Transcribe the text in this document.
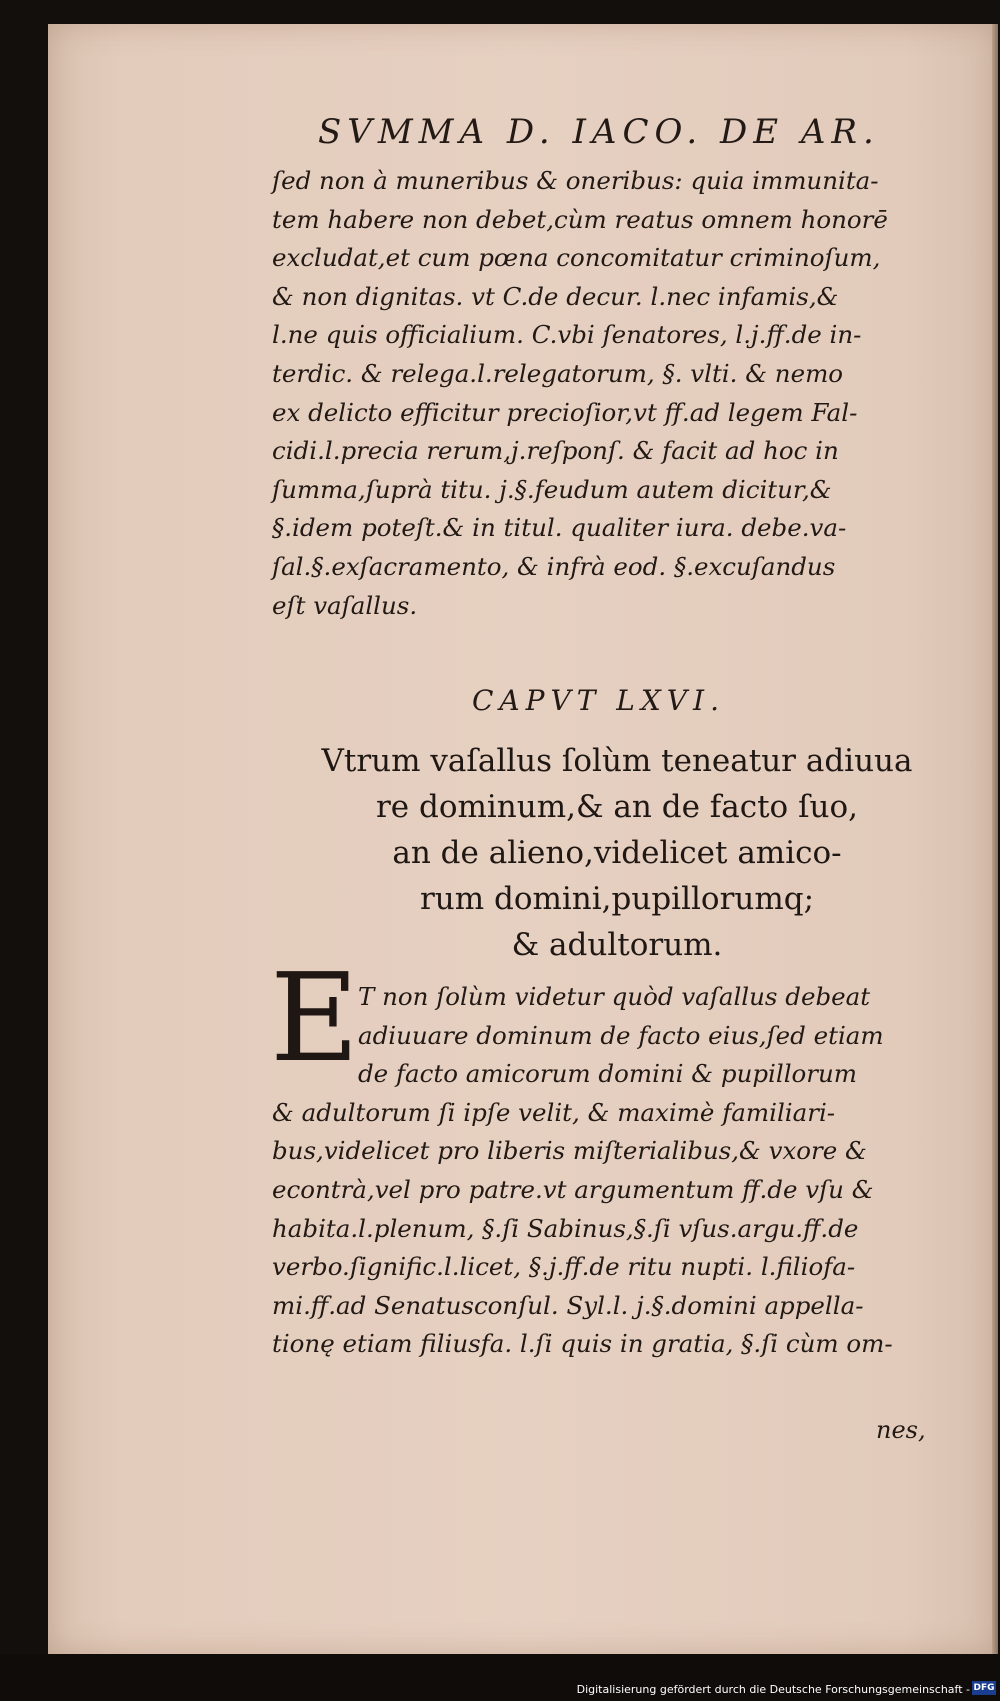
SVMMA D. IACO. DE AR.
ſed non à muneribus & oneribus: quia immunita-
tem habere non debet,cùm reatus omnem honorē
excludat,et cum pœna concomitatur criminoſum,
& non dignitas. vt C.de decur. l.nec infamis,&
l.ne quis officialium. C.vbi ſenatores, l.j.ff.de in-
terdic. & relega.l.relegatorum, §. vlti. & nemo
ex delicto efficitur precioſior,vt ff.ad legem Fal-
cidi.l.precia rerum,j.reſponſ. & facit ad hoc in
ſumma,ſuprà titu. j.§.feudum autem dicitur,&
§.idem poteſt.& in titul. qualiter iura. debe.va-
ſal.§.exſacramento, & infrà eod. §.excuſandus
eſt vaſallus.
CAPVT LXVI.
Vtrum vaſallus ſolùm teneatur adiuua
re dominum,& an de facto ſuo,
an de alieno,videlicet amico-
rum domini,pupillorumq;
& adultorum.
E
T non ſolùm videtur quòd vaſallus debeat
adiuuare dominum de facto eius,ſed etiam
de facto amicorum domini & pupillorum
& adultorum ſi ipſe velit, & maximè familiari-
bus,videlicet pro liberis miſterialibus,& vxore &
econtrà,vel pro patre.vt argumentum ff.de vſu &
habita.l.plenum, §.ſi Sabinus,§.ſi vſus.argu.ff.de
verbo.ſignific.l.licet, §.j.ff.de ritu nupti. l.filiofa-
mi.ff.ad Senatusconſul. Syl.l. j.§.domini appella-
tionę etiam filiusfa. l.ſi quis in gratia, §.ſi cùm om-
nes,
Digitalisierung gefördert durch die Deutsche Forschungsgemeinschaft - DFG
